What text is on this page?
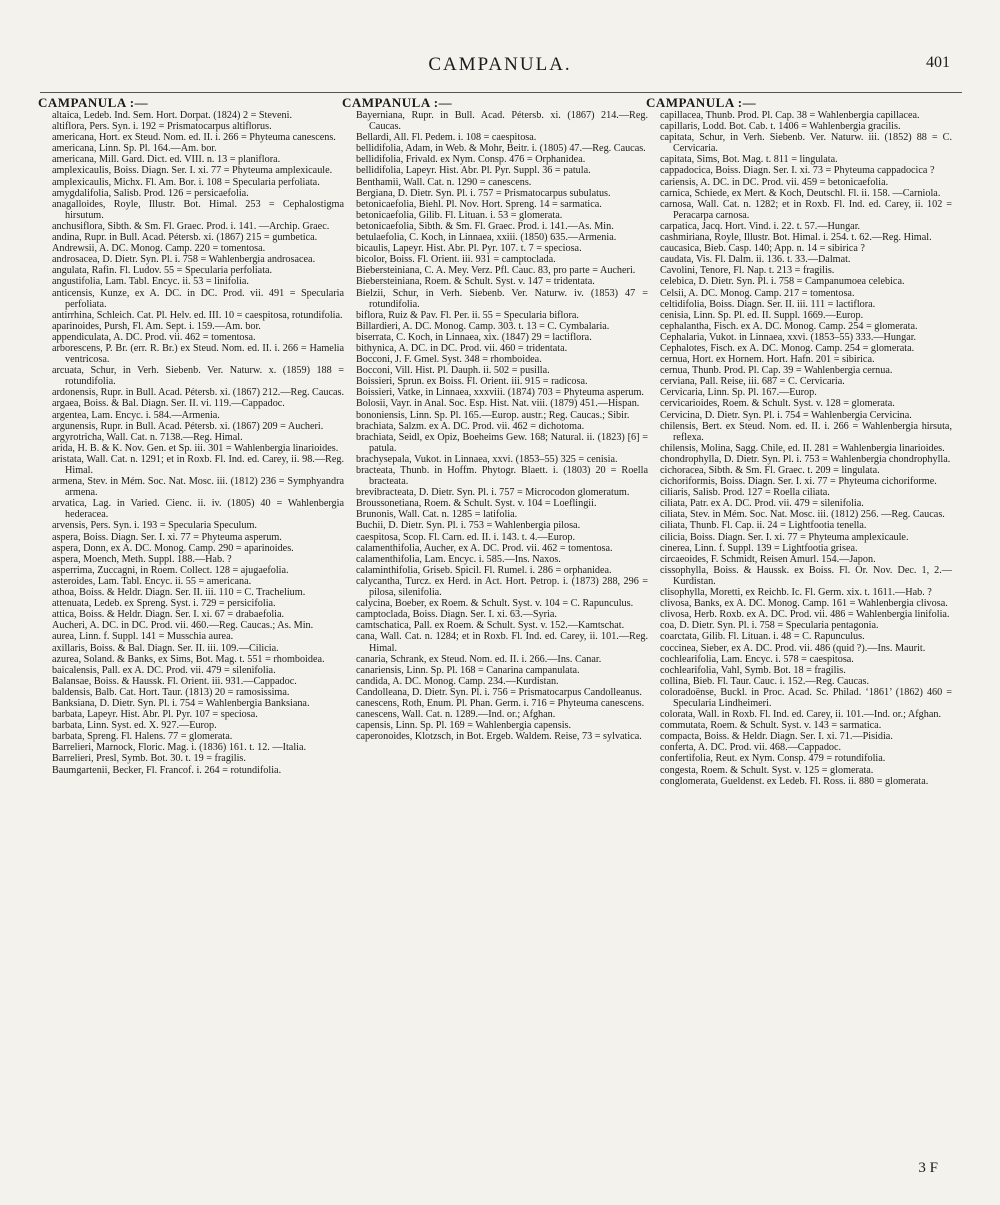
CAMPANULA.	401
CAMPANULA :—
altaica, Ledeb. Ind. Sem. Hort. Dorpat. (1824) 2 = Steveni.
altiflora, Pers. Syn. i. 192 = Prismatocarpus altiflorus.
americana, Hort. ex Steud. Nom. ed. II. i. 266 = Phyteuma canescens.
americana, Linn. Sp. Pl. 164.—Am. bor.
americana, Mill. Gard. Dict. ed. VIII. n. 13 = planiflora.
amplexicaulis, Boiss. Diagn. Ser. I. xi. 77 = Phyteuma amplexicaule.
amplexicaulis, Michx. Fl. Am. Bor. i. 108 = Specularia perfoliata.
amygdalifolia, Salisb. Prod. 126 = persicaefolia.
anagalloides, Royle, Illustr. Bot. Himal. 253 = Cephalostigma hirsutum.
anchusiflora, Sibth. & Sm. Fl. Graec. Prod. i. 141. —Archip. Graec.
andina, Rupr. in Bull. Acad. Pétersb. xi. (1867) 215 = gumbetica.
Andrewsii, A. DC. Monog. Camp. 220 = tomentosa.
androsacea, D. Dietr. Syn. Pl. i. 758 = Wahlenbergia androsacea.
angulata, Rafin. Fl. Ludov. 55 = Specularia perfoliata.
angustifolia, Lam. Tabl. Encyc. ii. 53 = linifolia.
anticensis, Kunze, ex A. DC. in DC. Prod. vii. 491 = Specularia perfoliata.
antirrhina, Schleich. Cat. Pl. Helv. ed. III. 10 = caespitosa, rotundifolia.
aparinoides, Pursh, Fl. Am. Sept. i. 159.—Am. bor.
appendiculata, A. DC. Prod. vii. 462 = tomentosa.
arborescens, P. Br. (err. R. Br.) ex Steud. Nom. ed. II. i. 266 = Hamelia ventricosa.
arcuata, Schur, in Verh. Siebenb. Ver. Naturw. x. (1859) 188 = rotundifolia.
ardonensis, Rupr. in Bull. Acad. Pétersb. xi. (1867) 212.—Reg. Caucas.
argaea, Boiss. & Bal. Diagn. Ser. II. vi. 119.—Cappadoc.
argentea, Lam. Encyc. i. 584.—Armenia.
argunensis, Rupr. in Bull. Acad. Pétersb. xi. (1867) 209 = Aucheri.
argyrotricha, Wall. Cat. n. 7138.—Reg. Himal.
arida, H. B. & K. Nov. Gen. et Sp. iii. 301 = Wahlenbergia linarioides.
aristata, Wall. Cat. n. 1291; et in Roxb. Fl. Ind. ed. Carey, ii. 98.—Reg. Himal.
armena, Stev. in Mém. Soc. Nat. Mosc. iii. (1812) 236 = Symphyandra armena.
arvatica, Lag. in Varied. Cienc. ii. iv. (1805) 40 = Wahlenbergia hederacea.
arvensis, Pers. Syn. i. 193 = Specularia Speculum.
aspera, Boiss. Diagn. Ser. I. xi. 77 = Phyteuma asperum.
aspera, Donn, ex A. DC. Monog. Camp. 290 = aparinoides.
aspera, Moench, Meth. Suppl. 188.—Hab. ?
asperrima, Zuccagni, in Roem. Collect. 128 = ajugaefolia.
asteroides, Lam. Tabl. Encyc. ii. 55 = americana.
athoa, Boiss. & Heldr. Diagn. Ser. II. iii. 110 = C. Trachelium.
attenuata, Ledeb. ex Spreng. Syst. i. 729 = persicifolia.
attica, Boiss. & Heldr. Diagn. Ser. I. xi. 67 = drabaefolia.
Aucheri, A. DC. in DC. Prod. vii. 460.—Reg. Caucas.; As. Min.
aurea, Linn. f. Suppl. 141 = Musschia aurea.
axillaris, Boiss. & Bal. Diagn. Ser. II. iii. 109.—Cilicia.
azurea, Soland. & Banks, ex Sims, Bot. Mag. t. 551 = rhomboidea.
baicalensis, Pall. ex A. DC. Prod. vii. 479 = silenifolia.
Balansae, Boiss. & Haussk. Fl. Orient. iii. 931.—Cappadoc.
baldensis, Balb. Cat. Hort. Taur. (1813) 20 = ramosissima.
Banksiana, D. Dietr. Syn. Pl. i. 754 = Wahlenbergia Banksiana.
barbata, Lapeyr. Hist. Abr. Pl. Pyr. 107 = speciosa.
barbata, Linn. Syst. ed. X. 927.—Europ.
barbata, Spreng. Fl. Halens. 77 = glomerata.
Barrelieri, Marnock, Floric. Mag. i. (1836) 161. t. 12. —Italia.
Barrelieri, Presl, Symb. Bot. 30. t. 19 = fragilis.
Baumgartenii, Becker, Fl. Francof. i. 264 = rotundifolia.
CAMPANULA :—
Bayerniana, Rupr. in Bull. Acad. Pétersb. xi. (1867) 214.—Reg. Caucas.
Bellardi, All. Fl. Pedem. i. 108 = caespitosa.
bellidifolia, Adam, in Web. & Mohr, Beitr. i. (1805) 47.—Reg. Caucas.
bellidifolia, Frivald. ex Nym. Consp. 476 = Orphanidea.
bellidifolia, Lapeyr. Hist. Abr. Pl. Pyr. Suppl. 36 = patula.
Benthamii, Wall. Cat. n. 1290 = canescens.
Bergiana, D. Dietr. Syn. Pl. i. 757 = Prismatocarpus subulatus.
betonicaefolia, Biehl. Pl. Nov. Hort. Spreng. 14 = sarmatica.
betonicaefolia, Gilib. Fl. Lituan. i. 53 = glomerata.
betonicaefolia, Sibth. & Sm. Fl. Graec. Prod. i. 141.—As. Min.
betulaefolia, C. Koch, in Linnaea, xxiii. (1850) 635.—Armenia.
bicaulis, Lapeyr. Hist. Abr. Pl. Pyr. 107. t. 7 = speciosa.
bicolor, Boiss. Fl. Orient. iii. 931 = camptoclada.
Biebersteiniana, C. A. Mey. Verz. Pfl. Cauc. 83, pro parte = Aucheri.
Biebersteiniana, Roem. & Schult. Syst. v. 147 = tridentata.
Bielzii, Schur, in Verh. Siebenb. Ver. Naturw. iv. (1853) 47 = rotundifolia.
biflora, Ruiz & Pav. Fl. Per. ii. 55 = Specularia biflora.
Billardieri, A. DC. Monog. Camp. 303. t. 13 = C. Cymbalaria.
biserrata, C. Koch, in Linnaea, xix. (1847) 29 = lactiflora.
bithynica, A. DC. in DC. Prod. vii. 460 = tridentata.
Bocconi, J. F. Gmel. Syst. 348 = rhomboidea.
Bocconi, Vill. Hist. Pl. Dauph. ii. 502 = pusilla.
Boissieri, Sprun. ex Boiss. Fl. Orient. iii. 915 = radicosa.
Boissieri, Vatke, in Linnaea, xxxviii. (1874) 703 = Phyteuma asperum.
Bolosii, Vayr. in Anal. Soc. Esp. Hist. Nat. viii. (1879) 451.—Hispan.
bononiensis, Linn. Sp. Pl. 165.—Europ. austr.; Reg. Caucas.; Sibir.
brachiata, Salzm. ex A. DC. Prod. vii. 462 = dichotoma.
brachiata, Seidl, ex Opiz, Boeheims Gew. 168; Natural. ii. (1823) [6] = patula.
brachysepala, Vukot. in Linnaea, xxvi. (1853–55) 325 = cenisia.
bracteata, Thunb. in Hoffm. Phytogr. Blaett. i. (1803) 20 = Roella bracteata.
brevibracteata, D. Dietr. Syn. Pl. i. 757 = Microcodon glomeratum.
Broussonetiana, Roem. & Schult. Syst. v. 104 = Loeflingii.
Brunonis, Wall. Cat. n. 1285 = latifolia.
Buchii, D. Dietr. Syn. Pl. i. 753 = Wahlenbergia pilosa.
caespitosa, Scop. Fl. Carn. ed. II. i. 143. t. 4.—Europ.
calamenthifolia, Aucher, ex A. DC. Prod. vii. 462 = tomentosa.
calamenthifolia, Lam. Encyc. i. 585.—Ins. Naxos.
calaminthifolia, Griseb. Spicil. Fl. Rumel. i. 286 = orphanidea.
calycantha, Turcz. ex Herd. in Act. Hort. Petrop. i. (1873) 288, 296 = pilosa, silenifolia.
calycina, Boeber, ex Roem. & Schult. Syst. v. 104 = C. Rapunculus.
camptoclada, Boiss. Diagn. Ser. I. xi. 63.—Syria.
camtschatica, Pall. ex Roem. & Schult. Syst. v. 152.—Kamtschat.
cana, Wall. Cat. n. 1284; et in Roxb. Fl. Ind. ed. Carey, ii. 101.—Reg. Himal.
canaria, Schrank, ex Steud. Nom. ed. II. i. 266.—Ins. Canar.
canariensis, Linn. Sp. Pl. 168 = Canarina campanulata.
candida, A. DC. Monog. Camp. 234.—Kurdistan.
Candolleana, D. Dietr. Syn. Pl. i. 756 = Prismatocarpus Candolleanus.
canescens, Roth, Enum. Pl. Phan. Germ. i. 716 = Phyteuma canescens.
canescens, Wall. Cat. n. 1289.—Ind. or.; Afghan.
capensis, Linn. Sp. Pl. 169 = Wahlenbergia capensis.
caperonoides, Klotzsch, in Bot. Ergeb. Waldem. Reise, 73 = sylvatica.
CAMPANULA :—
capillacea, Thunb. Prod. Pl. Cap. 38 = Wahlenbergia capillacea.
capillaris, Lodd. Bot. Cab. t. 1406 = Wahlenbergia gracilis.
capitata, Schur, in Verh. Siebenb. Ver. Naturw. iii. (1852) 88 = C. Cervicaria.
capitata, Sims, Bot. Mag. t. 811 = lingulata.
cappadocica, Boiss. Diagn. Ser. I. xi. 73 = Phyteuma cappadocica ?
cariensis, A. DC. in DC. Prod. vii. 459 = betonicaefolia.
carnica, Schiede, ex Mert. & Koch, Deutschl. Fl. ii. 158. —Carniola.
carnosa, Wall. Cat. n. 1282; et in Roxb. Fl. Ind. ed. Carey, ii. 102 = Peracarpa carnosa.
carpatica, Jacq. Hort. Vind. i. 22. t. 57.—Hungar.
cashmiriana, Royle, Illustr. Bot. Himal. i. 254. t. 62.—Reg. Himal.
caucasica, Bieb. Casp. 140; App. n. 14 = sibirica ?
caudata, Vis. Fl. Dalm. ii. 136. t. 33.—Dalmat.
Cavolini, Tenore, Fl. Nap. t. 213 = fragilis.
celebica, D. Dietr. Syn. Pl. i. 758 = Campanumoea celebica.
Celsii, A. DC. Monog. Camp. 217 = tomentosa.
celtidifolia, Boiss. Diagn. Ser. II. iii. 111 = lactiflora.
cenisia, Linn. Sp. Pl. ed. II. Suppl. 1669.—Europ.
cephalantha, Fisch. ex A. DC. Monog. Camp. 254 = glomerata.
Cephalaria, Vukot. in Linnaea, xxvi. (1853–55) 333.—Hungar.
Cephalotes, Fisch. ex A. DC. Monog. Camp. 254 = glomerata.
cernua, Hort. ex Hornem. Hort. Hafn. 201 = sibirica.
cernua, Thunb. Prod. Pl. Cap. 39 = Wahlenbergia cernua.
cerviana, Pall. Reise, iii. 687 = C. Cervicaria.
Cervicaria, Linn. Sp. Pl. 167.—Europ.
cervicarioides, Roem. & Schult. Syst. v. 128 = glomerata.
Cervicina, D. Dietr. Syn. Pl. i. 754 = Wahlenbergia Cervicina.
chilensis, Bert. ex Steud. Nom. ed. II. i. 266 = Wahlenbergia hirsuta, reflexa.
chilensis, Molina, Sagg. Chile, ed. II. 281 = Wahlenbergia linarioides.
chondrophylla, D. Dietr. Syn. Pl. i. 753 = Wahlenbergia chondrophylla.
cichoracea, Sibth. & Sm. Fl. Graec. t. 209 = lingulata.
cichoriformis, Boiss. Diagn. Ser. I. xi. 77 = Phyteuma cichoriforme.
ciliaris, Salisb. Prod. 127 = Roella ciliata.
ciliata, Patr. ex A. DC. Prod. vii. 479 = silenifolia.
ciliata, Stev. in Mém. Soc. Nat. Mosc. iii. (1812) 256. —Reg. Caucas.
ciliata, Thunb. Fl. Cap. ii. 24 = Lightfootia tenella.
cilicia, Boiss. Diagn. Ser. I. xi. 77 = Phyteuma amplexicaule.
cinerea, Linn. f. Suppl. 139 = Lightfootia grisea.
circaeoides, F. Schmidt, Reisen Amurl. 154.—Japon.
cissophylla, Boiss. & Haussk. ex Boiss. Fl. Or. Nov. Dec. 1, 2.—Kurdistan.
clisophylla, Moretti, ex Reichb. Ic. Fl. Germ. xix. t. 1611.—Hab. ?
clivosa, Banks, ex A. DC. Monog. Camp. 161 = Wahlenbergia clivosa.
clivosa, Herb. Roxb. ex A. DC. Prod. vii. 486 = Wahlenbergia linifolia.
coa, D. Dietr. Syn. Pl. i. 758 = Specularia pentagonia.
coarctata, Gilib. Fl. Lituan. i. 48 = C. Rapunculus.
coccinea, Sieber, ex A. DC. Prod. vii. 486 (quid ?).—Ins. Maurit.
cochlearifolia, Lam. Encyc. i. 578 = caespitosa.
cochlearifolia, Vahl, Symb. Bot. 18 = fragilis.
collina, Bieb. Fl. Taur. Cauc. i. 152.—Reg. Caucas.
coloradoënse, Buckl. in Proc. Acad. Sc. Philad. ‘1861’ (1862) 460 = Specularia Lindheimeri.
colorata, Wall. in Roxb. Fl. Ind. ed. Carey, ii. 101.—Ind. or.; Afghan.
commutata, Roem. & Schult. Syst. v. 143 = sarmatica.
compacta, Boiss. & Heldr. Diagn. Ser. I. xi. 71.—Pisidia.
conferta, A. DC. Prod. vii. 468.—Cappadoc.
confertifolia, Reut. ex Nym. Consp. 479 = rotundifolia.
congesta, Roem. & Schult. Syst. v. 125 = glomerata.
conglomerata, Gueldenst. ex Ledeb. Fl. Ross. ii. 880 = glomerata.
3 F
